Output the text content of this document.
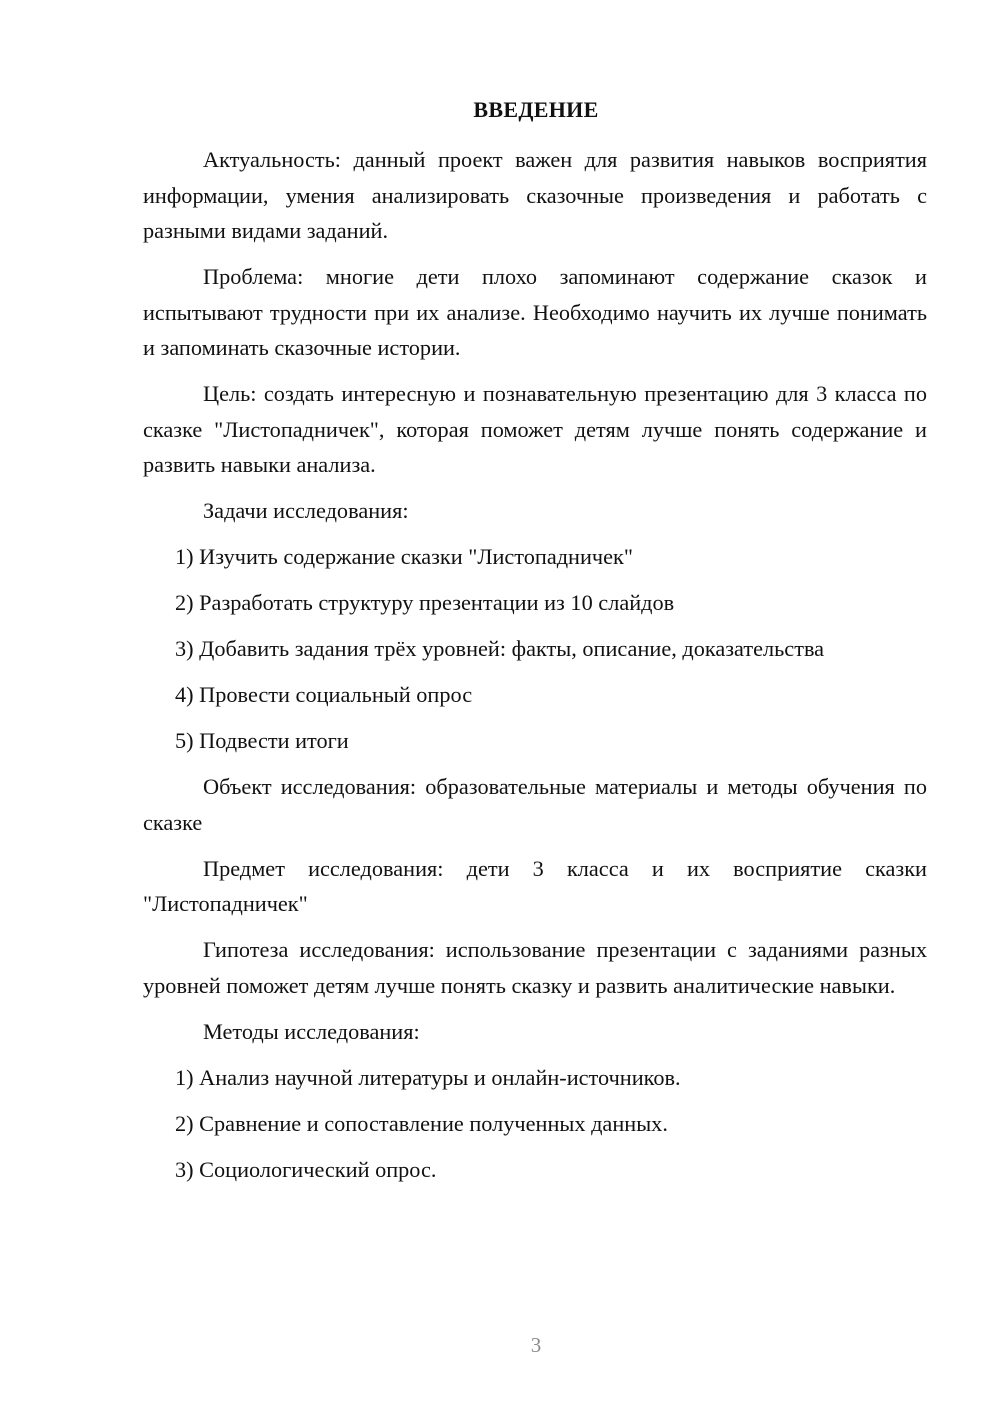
ВВЕДЕНИЕ

Актуальность: данный проект важен для развития навыков восприятия информации, умения анализировать сказочные произведения и работать с разными видами заданий.

Проблема: многие дети плохо запоминают содержание сказок и испытывают трудности при их анализе. Необходимо научить их лучше понимать и запоминать сказочные истории.

Цель: создать интересную и познавательную презентацию для 3 класса по сказке "Листопадничек", которая поможет детям лучше понять содержание и развить навыки анализа.

Задачи исследования:

1) Изучить содержание сказки "Листопадничек"
2) Разработать структуру презентации из 10 слайдов
3) Добавить задания трёх уровней: факты, описание, доказательства
4) Провести социальный опрос
5) Подвести итоги

Объект исследования: образовательные материалы и методы обучения по сказке

Предмет исследования: дети 3 класса и их восприятие сказки "Листопадничек"

Гипотеза исследования: использование презентации с заданиями разных уровней поможет детям лучше понять сказку и развить аналитические навыки.

Методы исследования:

1) Анализ научной литературы и онлайн-источников.
2) Сравнение и сопоставление полученных данных.
3) Социологический опрос.
3
